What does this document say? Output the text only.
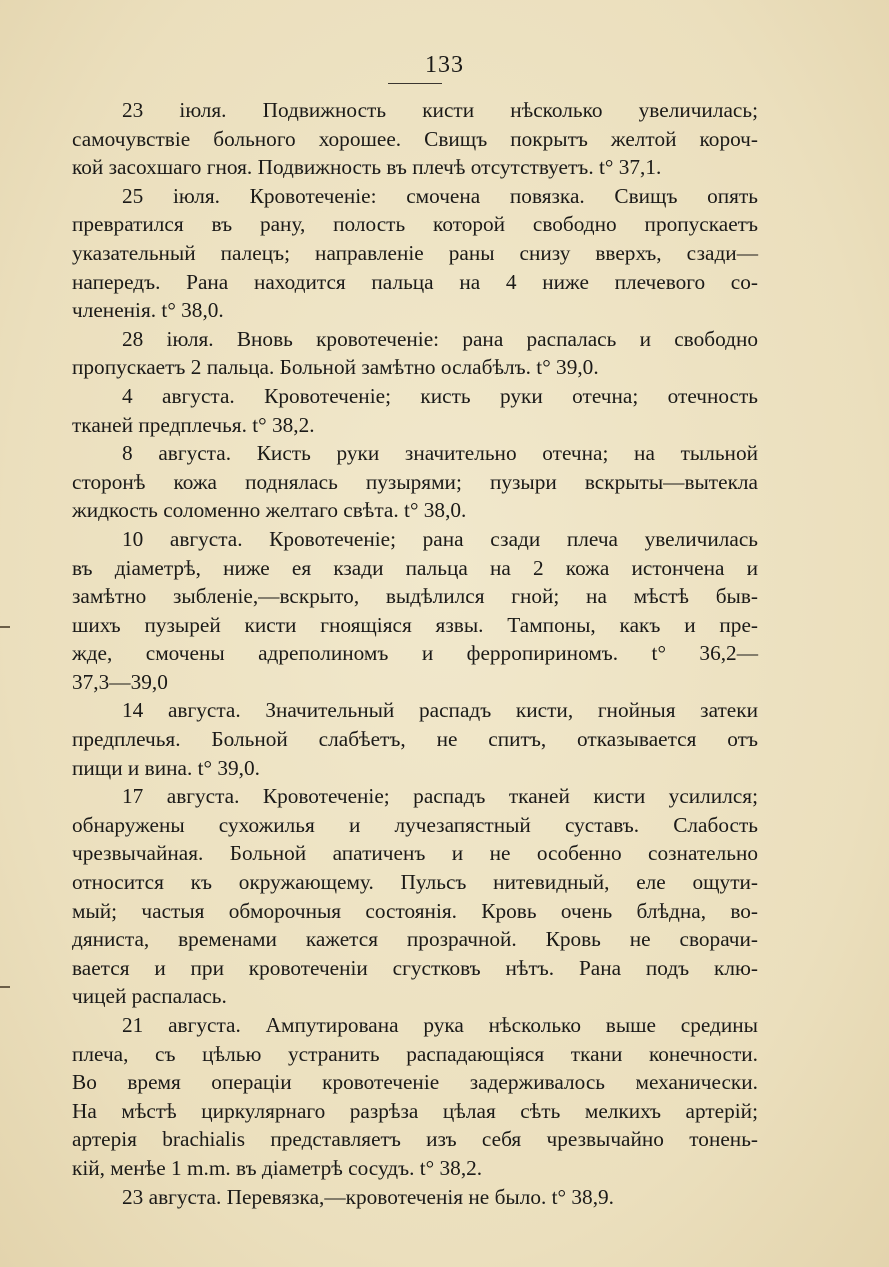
133

23 іюля. Подвижность кисти нѣсколько увеличилась;
самочувствіе больного хорошее. Свищъ покрытъ желтой короч-
кой засохшаго гноя. Подвижность въ плечѣ отсутствуетъ. t° 37,1.

25 іюля. Кровотеченіе: смочена повязка. Свищъ опять
превратился въ рану, полость которой свободно пропускаетъ
указательный палецъ; направленіе раны снизу вверхъ, сзади—
напередъ. Рана находится пальца на 4 ниже плечевого со-
члененія. t° 38,0.

28 іюля. Вновь кровотеченіе: рана распалась и свободно
пропускаетъ 2 пальца. Больной замѣтно ослабѣлъ. t° 39,0.

4 августа. Кровотеченіе; кисть руки отечна; отечность
тканей предплечья. t° 38,2.

8 августа. Кисть руки значительно отечна; на тыльной
сторонѣ кожа поднялась пузырями; пузыри вскрыты—вытекла
жидкость соломенно желтаго свѣта. t° 38,0.

10 августа. Кровотеченіе; рана сзади плеча увеличилась
въ діаметрѣ, ниже ея кзади пальца на 2 кожа истончена и
замѣтно зыбленіе,—вскрыто, выдѣлился гной; на мѣстѣ быв-
шихъ пузырей кисти гноящіяся язвы. Тампоны, какъ и пре-
жде, смочены адреполиномъ и ферропириномъ. t° 36,2—
37,3—39,0

14 августа. Значительный распадъ кисти, гнойныя затеки
предплечья. Больной слабѣетъ, не спитъ, отказывается отъ
пищи и вина. t° 39,0.

17 августа. Кровотеченіе; распадъ тканей кисти усилился;
обнаружены сухожилья и лучезапястный суставъ. Слабость
чрезвычайная. Больной апатиченъ и не особенно сознательно
относится къ окружающему. Пульсъ нитевидный, еле ощути-
мый; частыя обморочныя состоянія. Кровь очень блѣдна, во-
дяниста, временами кажется прозрачной. Кровь не сворачи-
вается и при кровотеченіи сгустковъ нѣтъ. Рана подъ клю-
чицей распалась.

21 августа. Ампутирована рука нѣсколько выше средины
плеча, съ цѣлью устранить распадающіяся ткани конечности.
Во время операціи кровотеченіе задерживалось механически.
На мѣстѣ циркулярнаго разрѣза цѣлая сѣть мелкихъ артерій;
артерія brachialis представляетъ изъ себя чрезвычайно тонень-
кій, менѣе 1 m.m. въ діаметрѣ сосудъ. t° 38,2.

23 августа. Перевязка,—кровотеченія не было. t° 38,9.
